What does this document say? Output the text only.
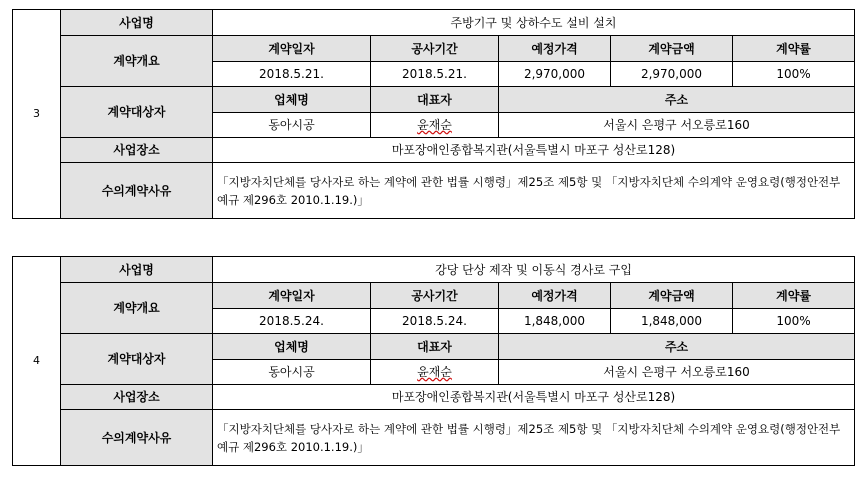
3	사업명	주방기구 및 상하수도 설비 설치				
	계약개요	계약일자	공사기간	예정가격	계약금액	계약률
		2018.5.21.	2018.5.21.	2,970,000	2,970,000	100%
	계약대상자	업체명	대표자	주소		
		동아시공	윤재순	서울시 은평구 서오릉로160		
	사업장소	마포장애인종합복지관(서울특별시 마포구 성산로128)				
	수의계약사유	「지방자치단체를 당사자로 하는 계약에 관한 법률 시행령」제25조 제5항 및 「지방자치단체 수의계약 운영요령(행정안전부 예규 제296호 2010.1.19.)」				
4	사업명	강당 단상 제작 및 이동식 경사로 구입				
	계약개요	계약일자	공사기간	예정가격	계약금액	계약률
		2018.5.24.	2018.5.24.	1,848,000	1,848,000	100%
	계약대상자	업체명	대표자	주소		
		동아시공	윤재순	서울시 은평구 서오릉로160		
	사업장소	마포장애인종합복지관(서울특별시 마포구 성산로128)				
	수의계약사유	「지방자치단체를 당사자로 하는 계약에 관한 법률 시행령」제25조 제5항 및 「지방자치단체 수의계약 운영요령(행정안전부 예규 제296호 2010.1.19.)」				
